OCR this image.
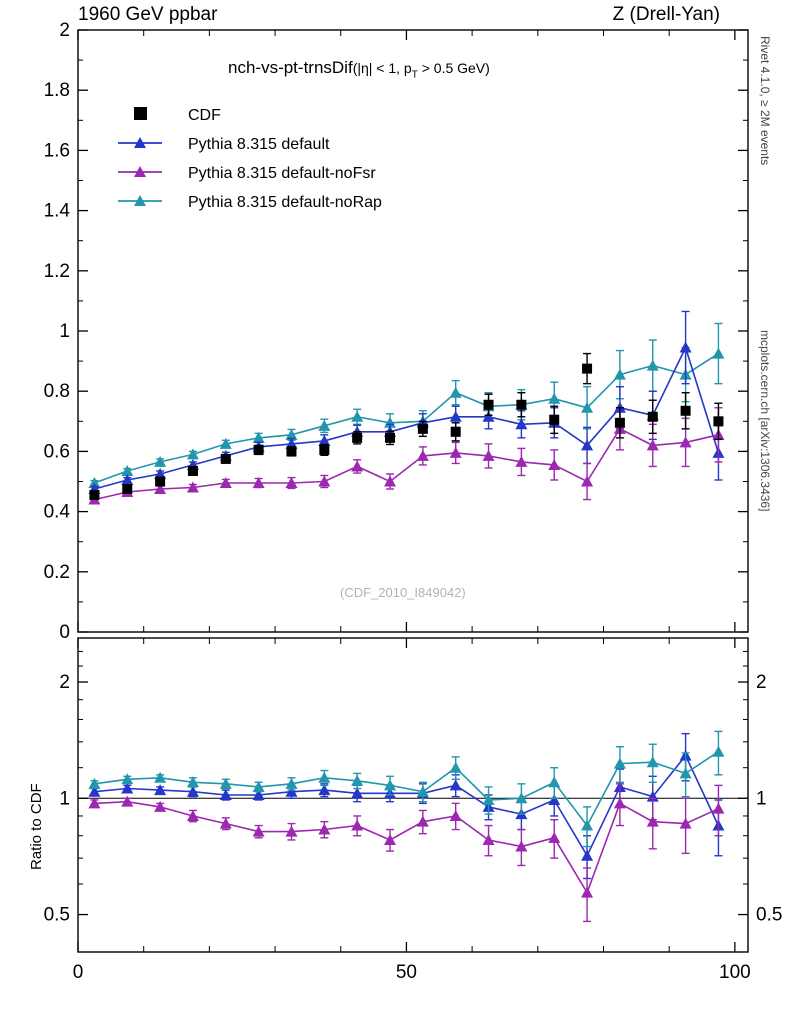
1960 GeV ppbar	Z (Drell-Yan)
Rivet 4.1.0, ≥ 2M events
mcplots.cern.ch [arXiv:1306.3436]
0
0.2
0.4
0.6
0.8
1
1.2
1.4
1.6
1.8
2
0.5	0.5
1	1
2	2
0	50	100
CDF
Pythia 8.315 default
Pythia 8.315 default-noFsr
Pythia 8.315 default-noRap
nch-vs-pt-trnsDif(|η| < 1, $p_T > 0.5$ GeV)
(CDF_2010_I849042)
Ratio to CDF
